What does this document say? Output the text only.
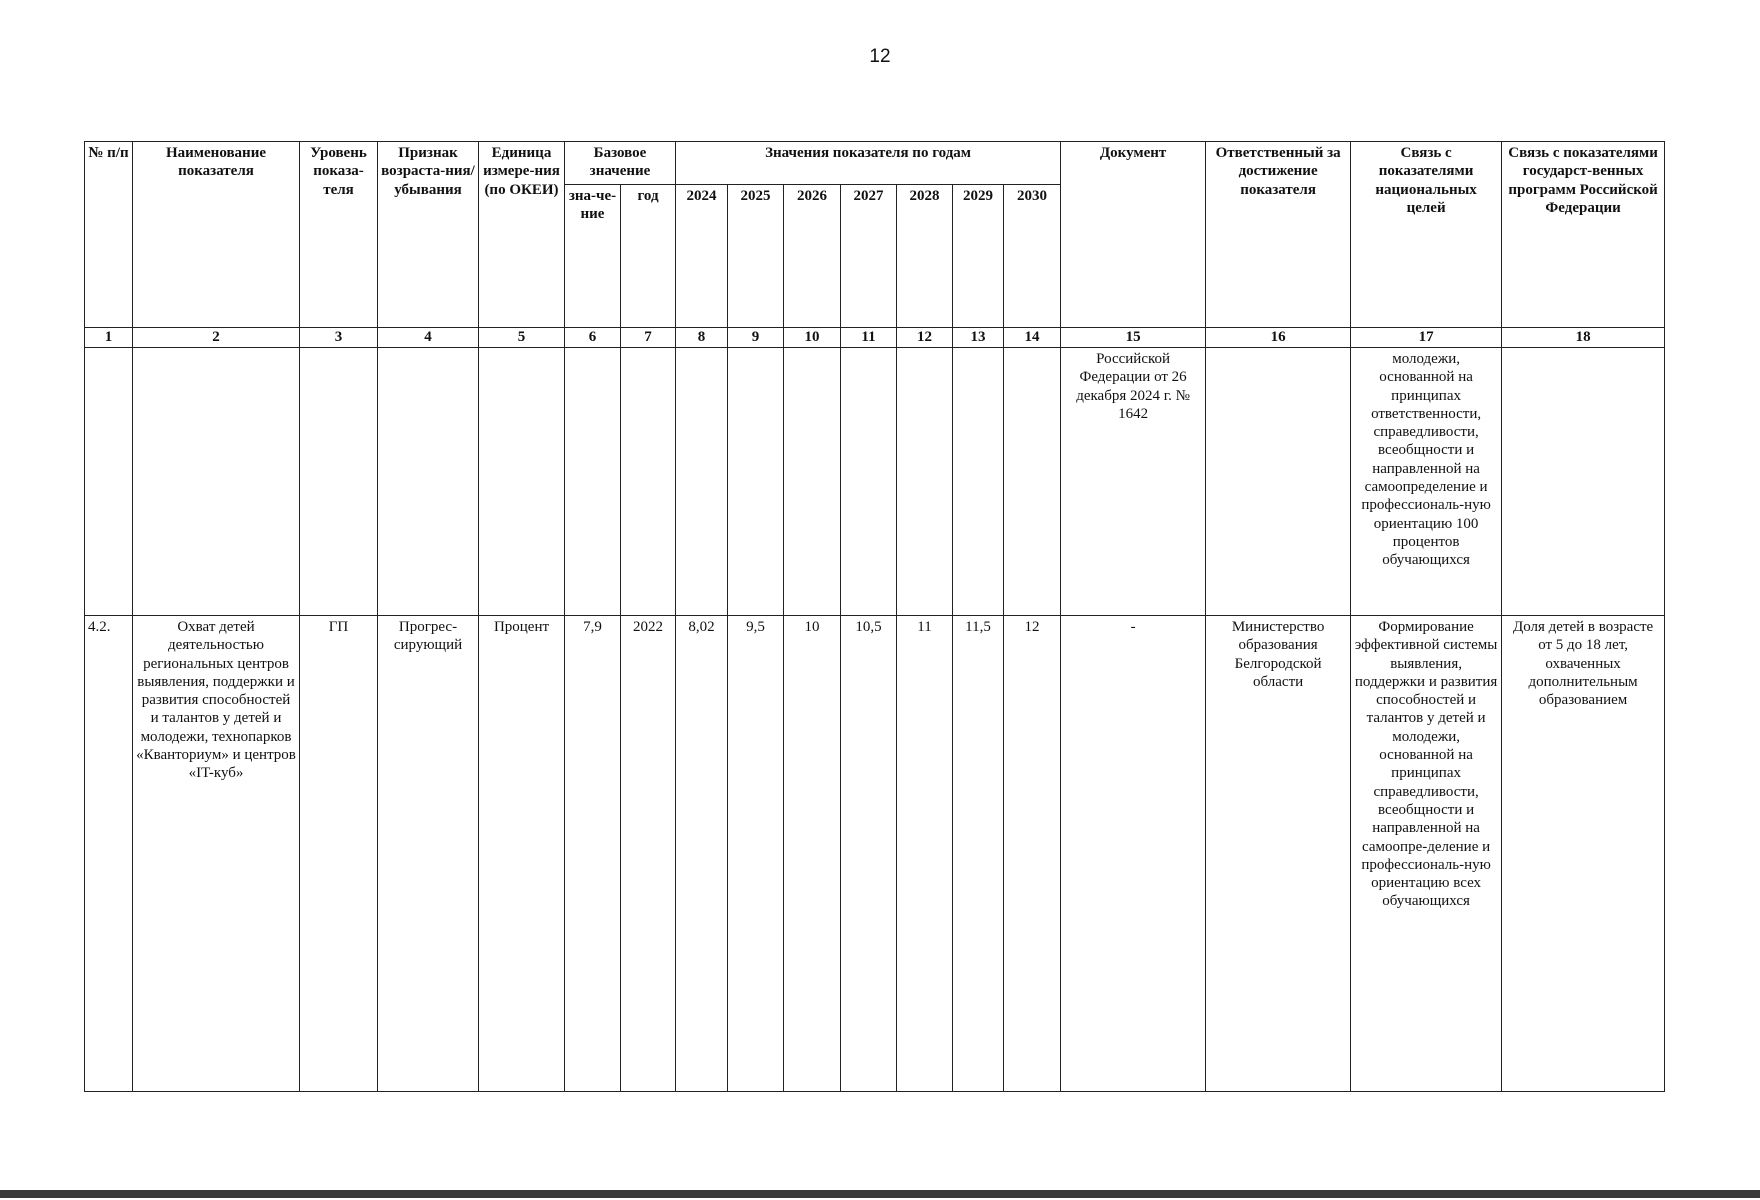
12
№ п/п	Наименование показателя	Уровень показа-теля	Признак возраста-ния/ убывания	Единица измере-ния (по ОКЕИ)	Базовое значение		Значения показателя по годам							Документ	Ответственный за достижение показателя	Связь с показателями национальных целей	Связь с показателями государст-венных программ Российской Федерации
					зна-че-ние	год	2024	2025	2026	2027	2028	2029	2030				
1	2	3	4	5	6	7	8	9	10	11	12	13	14	15	16	17	18
														Российской Федерации от 26 декабря 2024 г. № 1642		молодежи, основанной на принципах ответственности, справедливости, всеобщности и направленной на самоопределение и профессиональ-ную ориентацию 100 процентов обучающихся	
4.2.	Охват детей деятельностью региональных центров выявления, поддержки и развития способностей и талантов у детей и молодежи, технопарков «Кванториум» и центров «IT-куб»	ГП	Прогрес-сирующий	Процент	7,9	2022	8,02	9,5	10	10,5	11	11,5	12	-	Министерство образования Белгородской области	Формирование эффективной системы выявления, поддержки и развития способностей и талантов у детей и молодежи, основанной на принципах справедливости, всеобщности и направленной на самоопре-деление и профессиональ-ную ориентацию всех обучающихся	Доля детей в возрасте от 5 до 18 лет, охваченных дополнительным образованием
